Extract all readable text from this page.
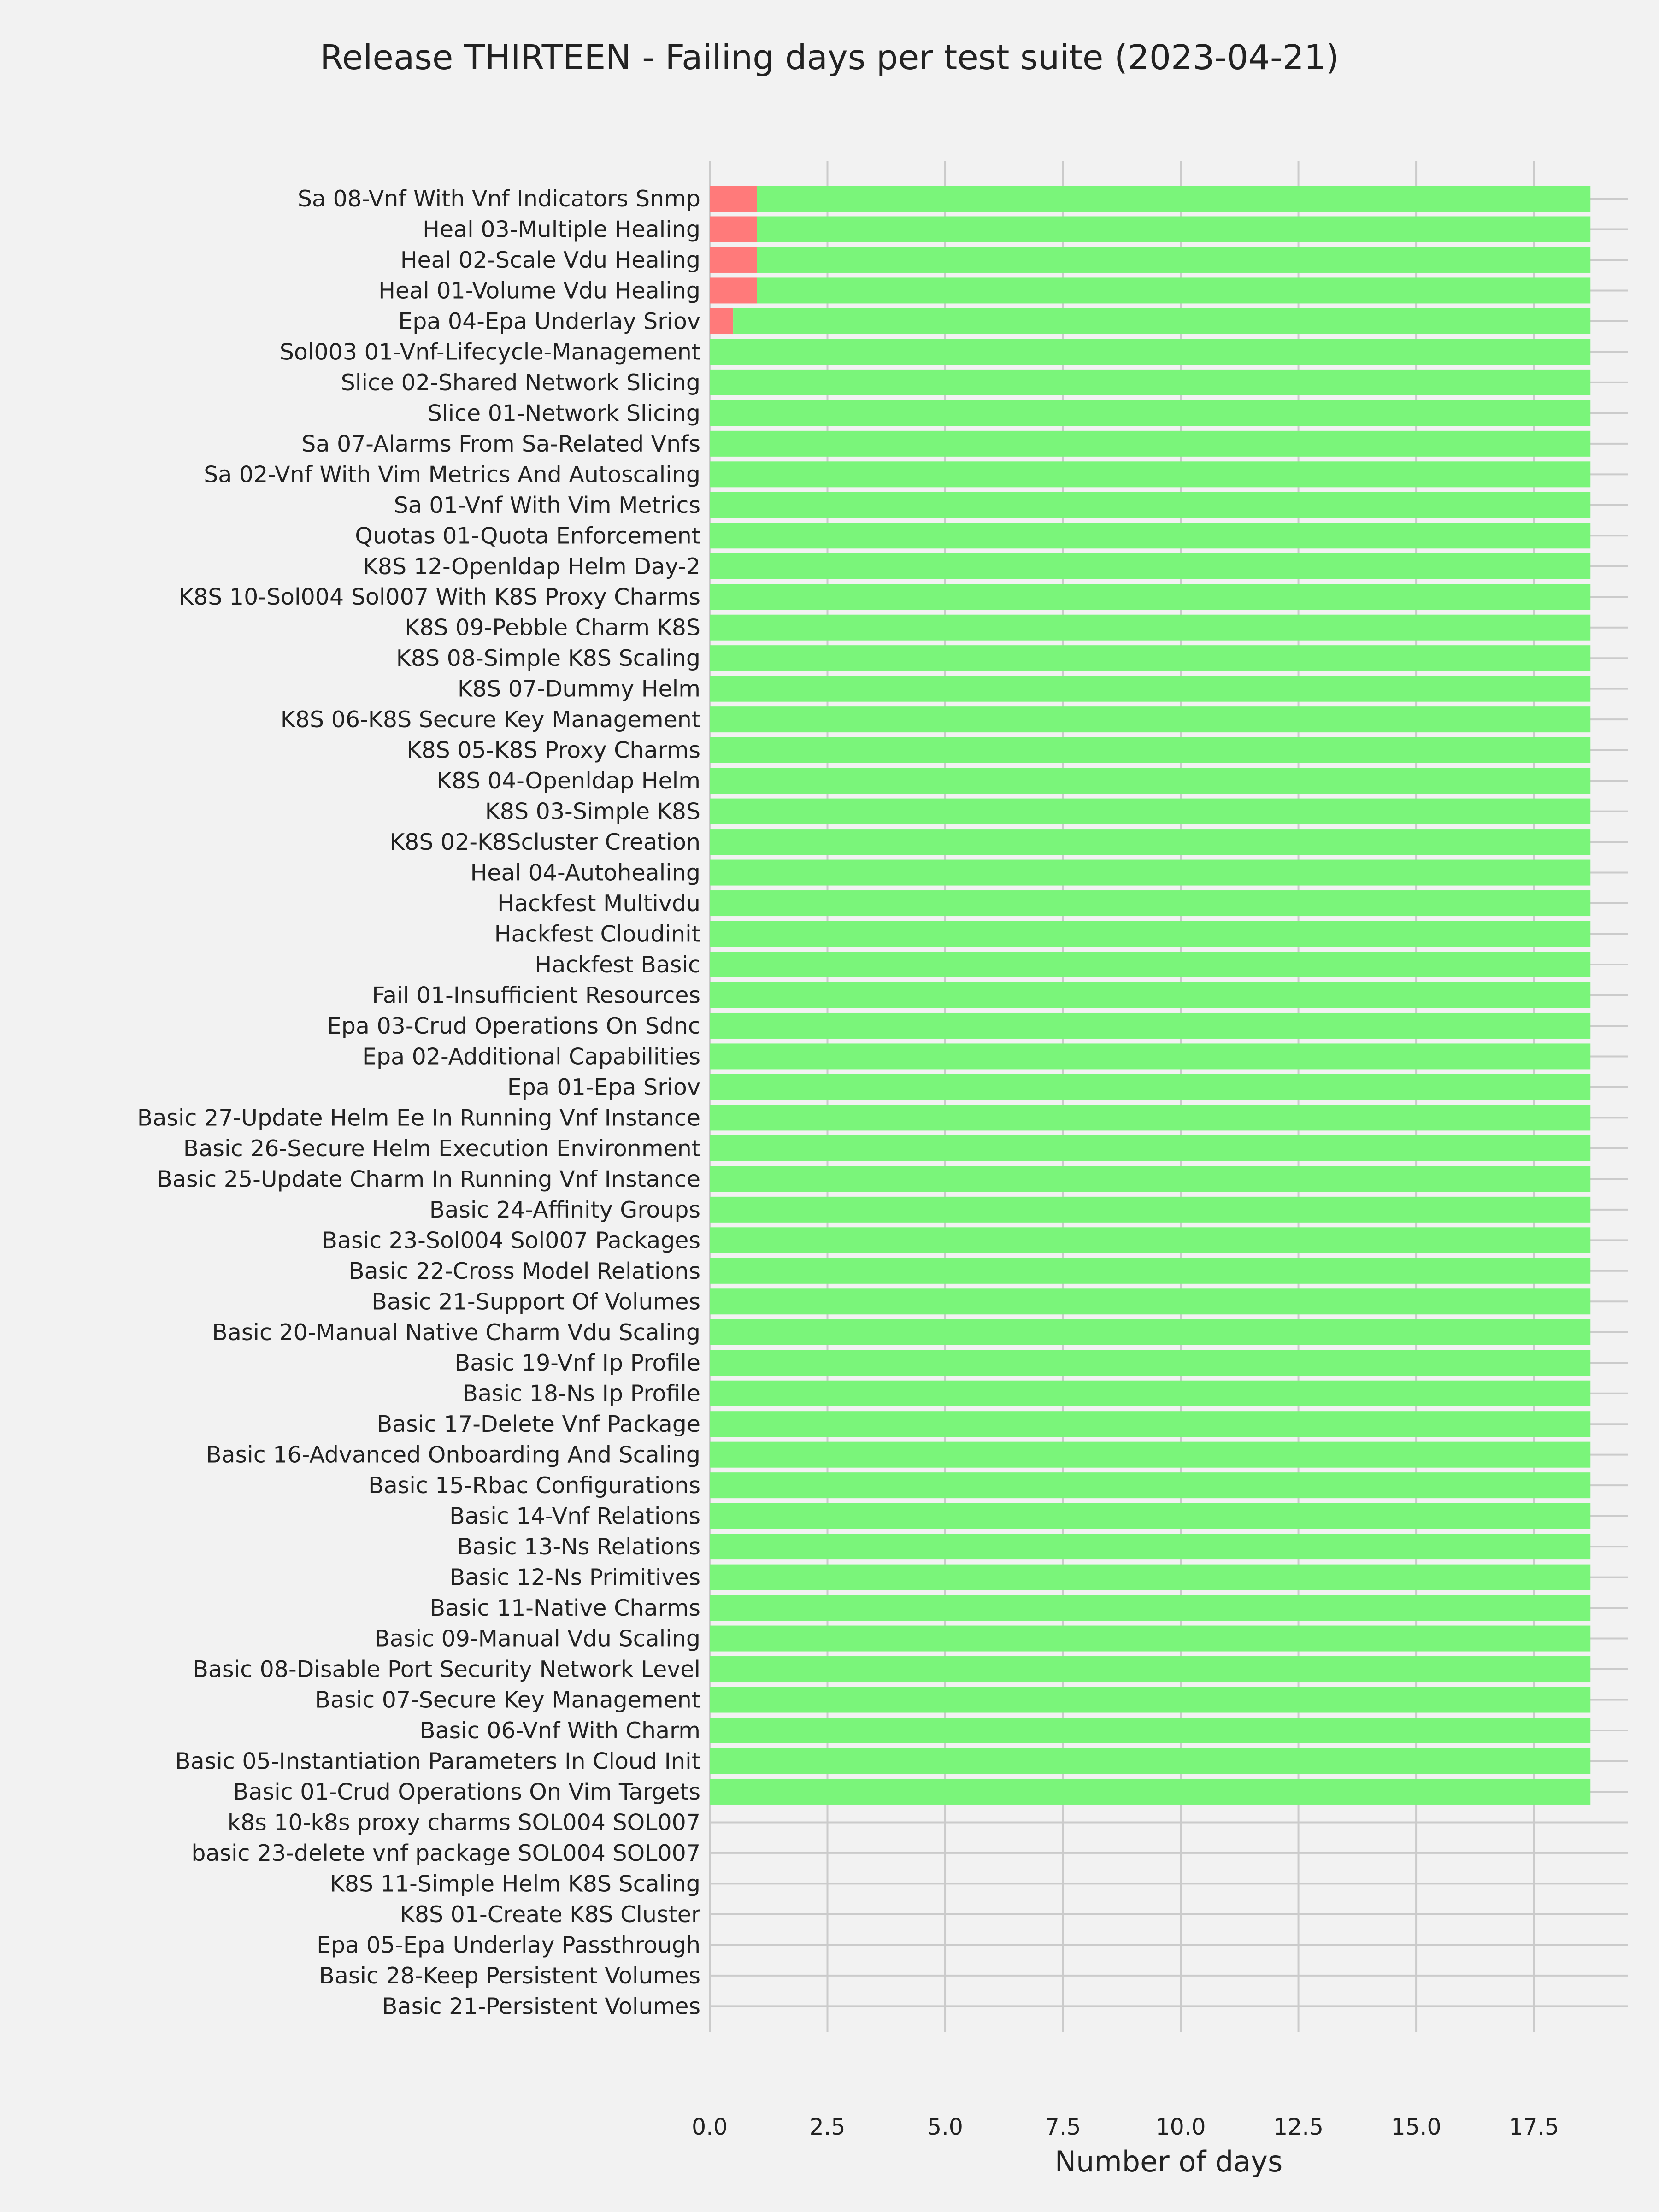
Release THIRTEEN - Failing days per test suite (2023-04-21)
Sa 08-Vnf With Vnf Indicators Snmp
Heal 03-Multiple Healing
Heal 02-Scale Vdu Healing
Heal 01-Volume Vdu Healing
Epa 04-Epa Underlay Sriov
Sol003 01-Vnf-Lifecycle-Management
Slice 02-Shared Network Slicing
Slice 01-Network Slicing
Sa 07-Alarms From Sa-Related Vnfs
Sa 02-Vnf With Vim Metrics And Autoscaling
Sa 01-Vnf With Vim Metrics
Quotas 01-Quota Enforcement
K8S 12-Openldap Helm Day-2
K8S 10-Sol004 Sol007 With K8S Proxy Charms
K8S 09-Pebble Charm K8S
K8S 08-Simple K8S Scaling
K8S 07-Dummy Helm
K8S 06-K8S Secure Key Management
K8S 05-K8S Proxy Charms
K8S 04-Openldap Helm
K8S 03-Simple K8S
K8S 02-K8Scluster Creation
Heal 04-Autohealing
Hackfest Multivdu
Hackfest Cloudinit
Hackfest Basic
Fail 01-Insufficient Resources
Epa 03-Crud Operations On Sdnc
Epa 02-Additional Capabilities
Epa 01-Epa Sriov
Basic 27-Update Helm Ee In Running Vnf Instance
Basic 26-Secure Helm Execution Environment
Basic 25-Update Charm In Running Vnf Instance
Basic 24-Affinity Groups
Basic 23-Sol004 Sol007 Packages
Basic 22-Cross Model Relations
Basic 21-Support Of Volumes
Basic 20-Manual Native Charm Vdu Scaling
Basic 19-Vnf Ip Profile
Basic 18-Ns Ip Profile
Basic 17-Delete Vnf Package
Basic 16-Advanced Onboarding And Scaling
Basic 15-Rbac Configurations
Basic 14-Vnf Relations
Basic 13-Ns Relations
Basic 12-Ns Primitives
Basic 11-Native Charms
Basic 09-Manual Vdu Scaling
Basic 08-Disable Port Security Network Level
Basic 07-Secure Key Management
Basic 06-Vnf With Charm
Basic 05-Instantiation Parameters In Cloud Init
Basic 01-Crud Operations On Vim Targets
k8s 10-k8s proxy charms SOL004 SOL007
basic 23-delete vnf package SOL004 SOL007
K8S 11-Simple Helm K8S Scaling
K8S 01-Create K8S Cluster
Epa 05-Epa Underlay Passthrough
Basic 28-Keep Persistent Volumes
Basic 21-Persistent Volumes
0.0	2.5	5.0	7.5	10.0	12.5	15.0	17.5
Number of days
